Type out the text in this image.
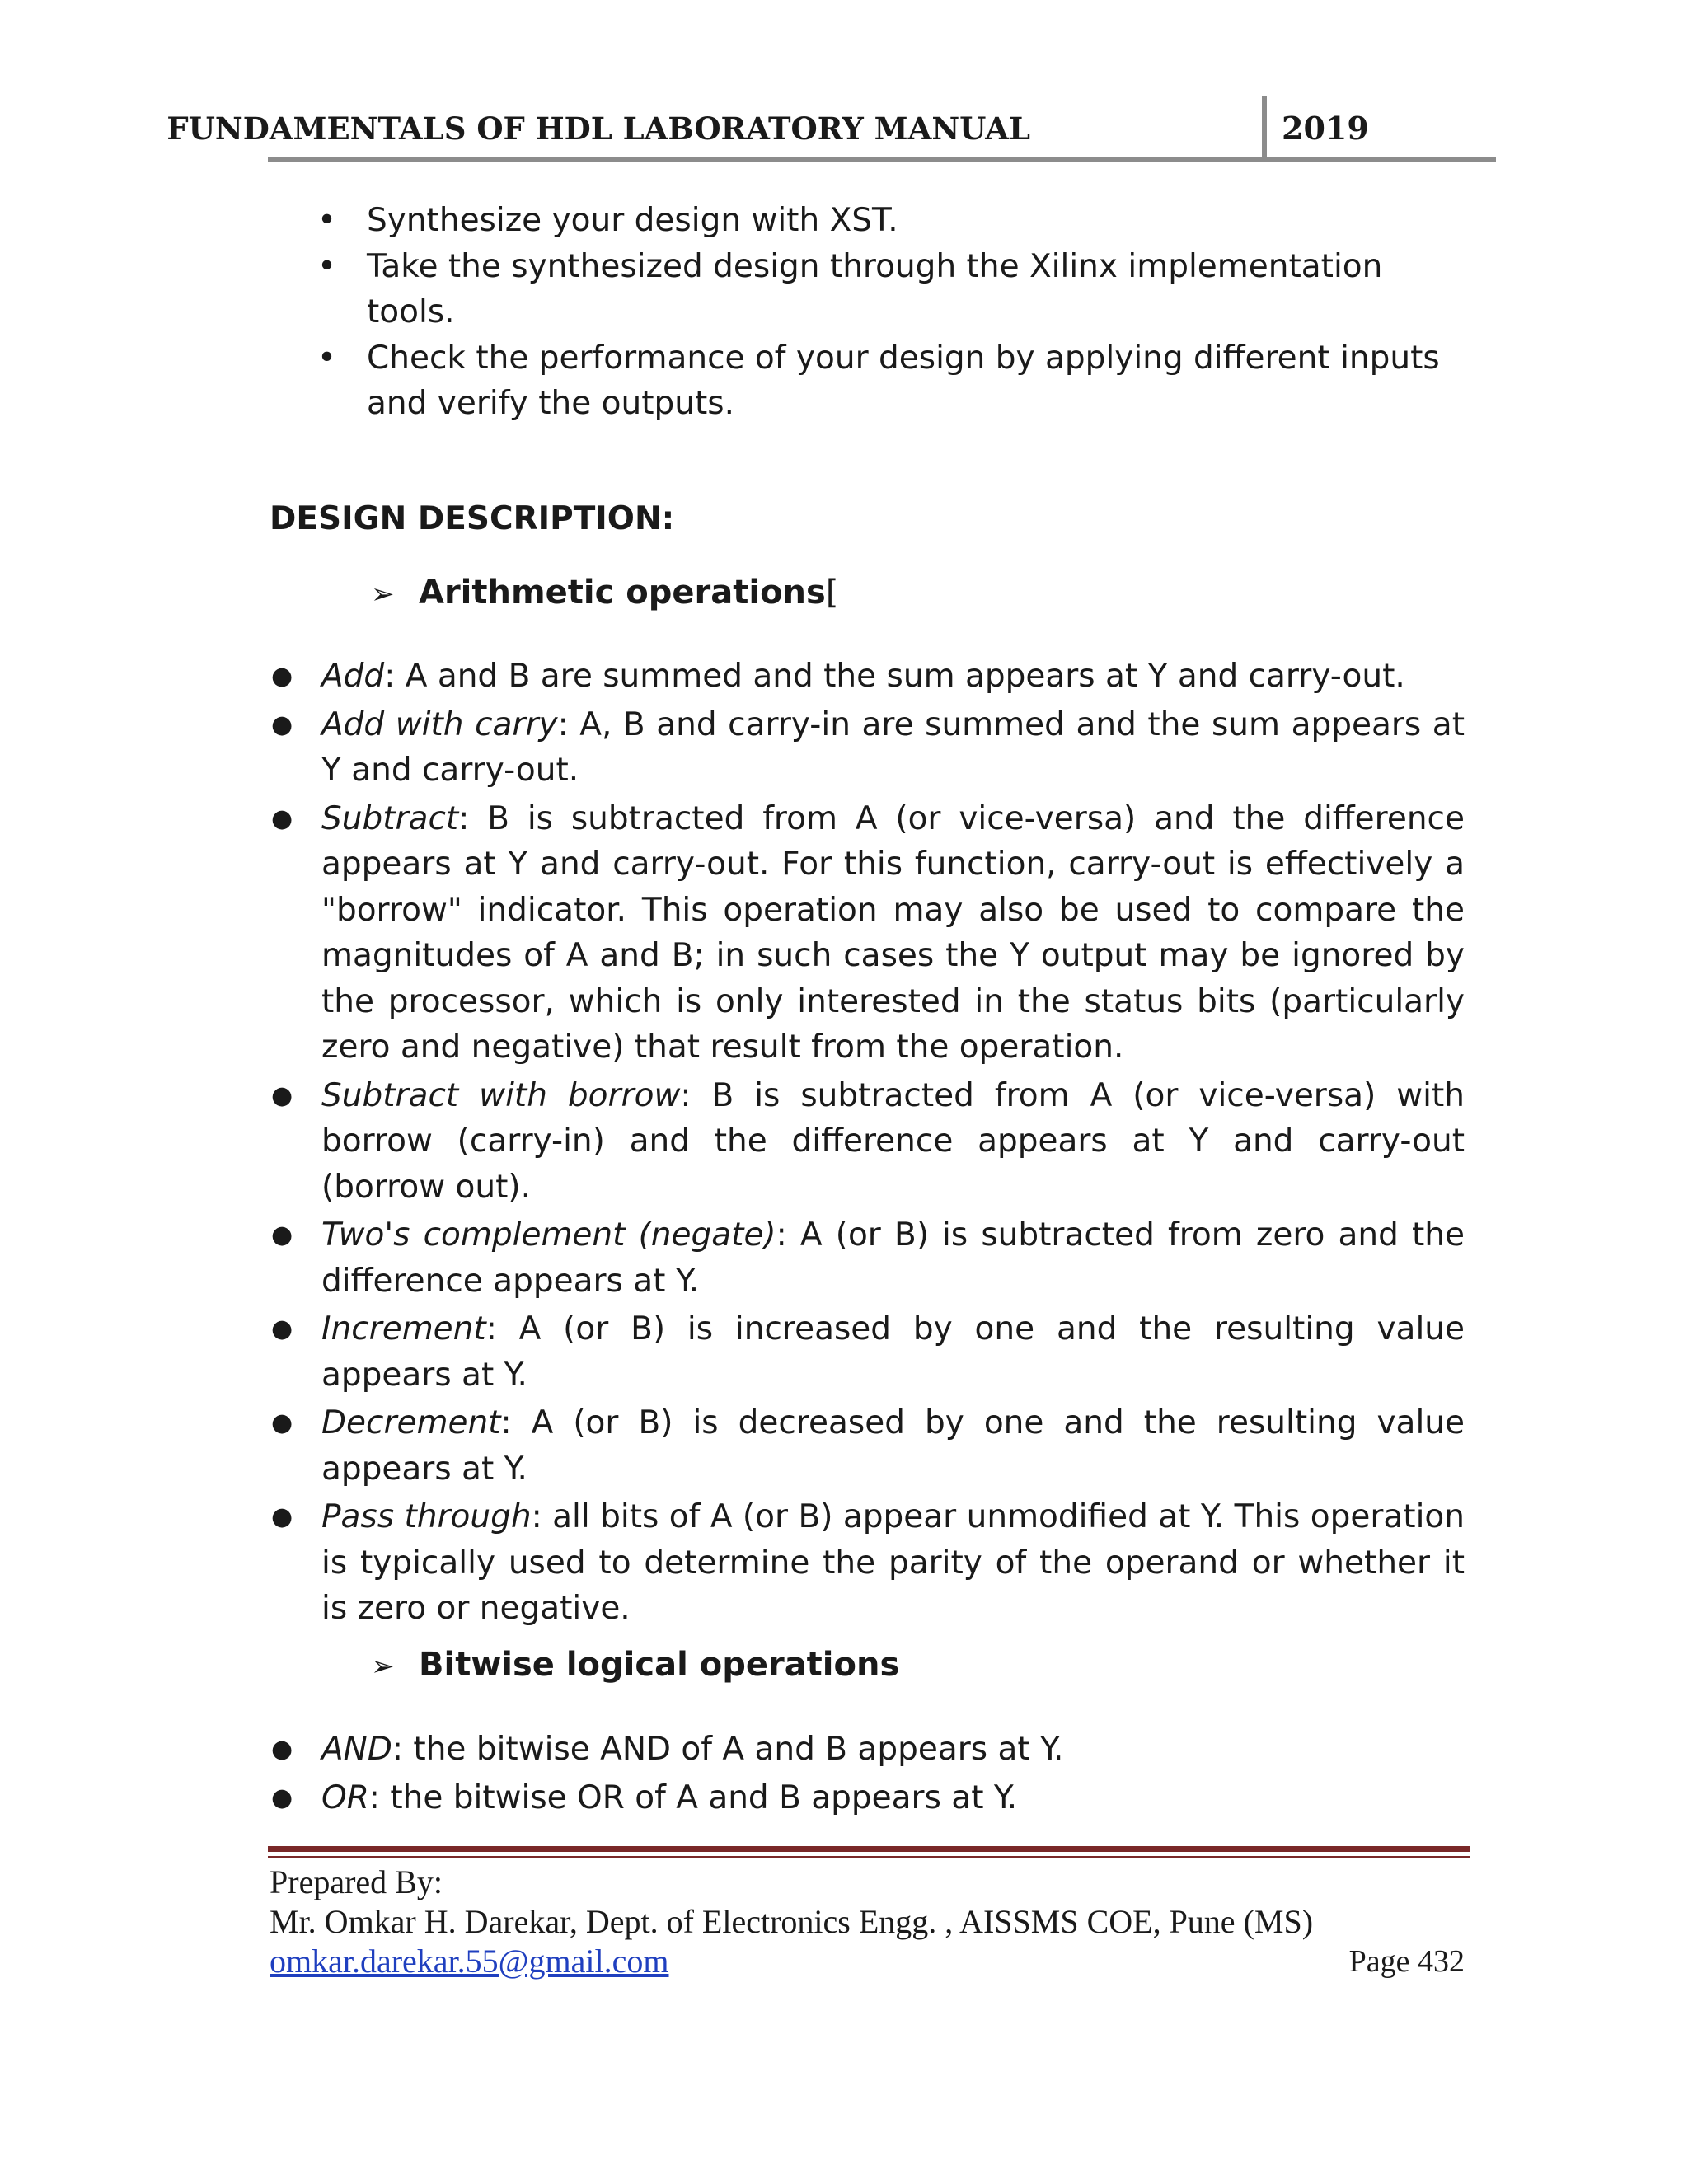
FUNDAMENTALS OF HDL LABORATORY MANUAL	2019
• Synthesize your design with XST.
• Take the synthesized design through the Xilinx implementation tools.
• Check the performance of your design by applying different inputs and verify the outputs.
DESIGN DESCRIPTION:
➢ Arithmetic operations[
● Add: A and B are summed and the sum appears at Y and carry-out.
● Add with carry: A, B and carry-in are summed and the sum appears at Y and carry-out.
● Subtract: B is subtracted from A (or vice-versa) and the difference appears at Y and carry-out. For this function, carry-out is effectively a "borrow" indicator. This operation may also be used to compare the magnitudes of A and B; in such cases the Y output may be ignored by the processor, which is only interested in the status bits (particularly zero and negative) that result from the operation.
● Subtract with borrow: B is subtracted from A (or vice-versa) with borrow (carry-in) and the difference appears at Y and carry-out (borrow out).
● Two's complement (negate): A (or B) is subtracted from zero and the difference appears at Y.
● Increment: A (or B) is increased by one and the resulting value appears at Y.
● Decrement: A (or B) is decreased by one and the resulting value appears at Y.
● Pass through: all bits of A (or B) appear unmodified at Y. This operation is typically used to determine the parity of the operand or whether it is zero or negative.
➢ Bitwise logical operations
● AND: the bitwise AND of A and B appears at Y.
● OR: the bitwise OR of A and B appears at Y.
Prepared By:
Mr. Omkar H. Darekar, Dept. of Electronics Engg. , AISSMS COE, Pune (MS)
omkar.darekar.55@gmail.com	Page 432
